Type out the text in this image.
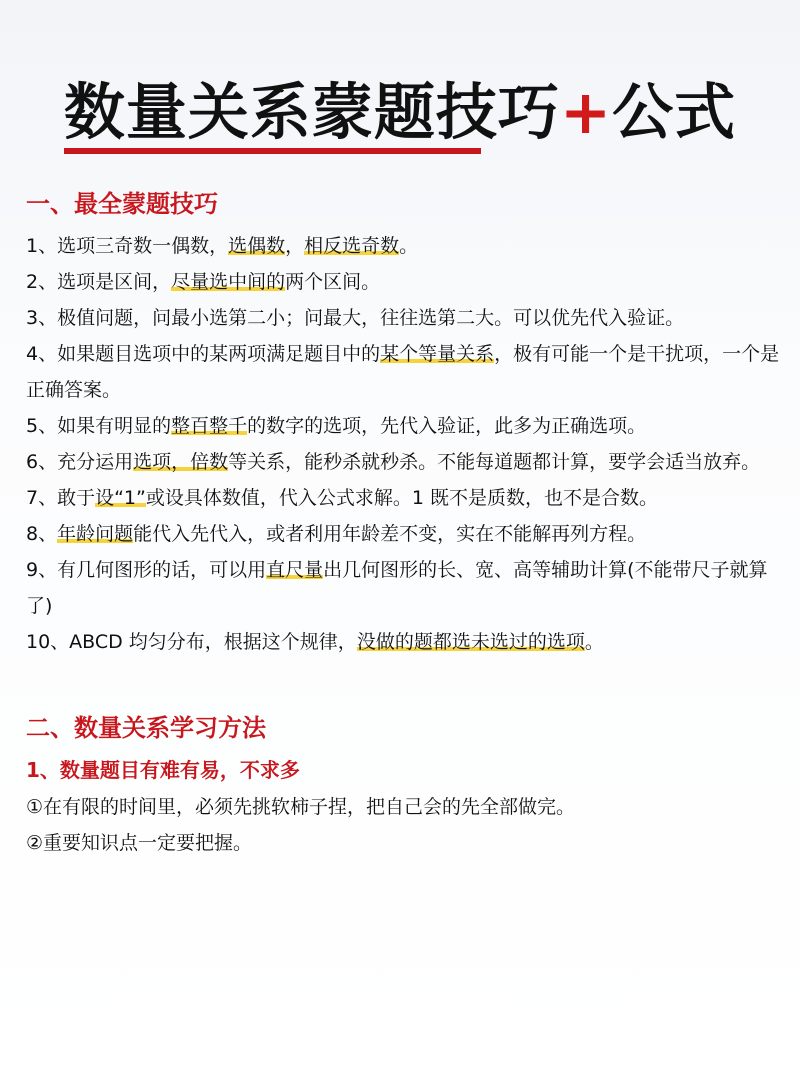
数量关系蒙题技巧+公式
一、最全蒙题技巧
1、选项三奇数一偶数，选偶数，相反选奇数。
2、选项是区间，尽量选中间的两个区间。
3、极值问题，问最小选第二小；问最大，往往选第二大。可以优先代入验证。
4、如果题目选项中的某两项满足题目中的某个等量关系，极有可能一个是干扰项，一个是正确答案。
5、如果有明显的整百整千的数字的选项，先代入验证，此多为正确选项。
6、充分运用选项，倍数等关系，能秒杀就秒杀。不能每道题都计算，要学会适当放弃。
7、敢于设“1”或设具体数值，代入公式求解。1 既不是质数，也不是合数。
8、年龄问题能代入先代入，或者利用年龄差不变，实在不能解再列方程。
9、有几何图形的话，可以用直尺量出几何图形的长、宽、高等辅助计算(不能带尺子就算了)
10、ABCD 均匀分布，根据这个规律，没做的题都选未选过的选项。
二、数量关系学习方法
1、数量题目有难有易，不求多
①在有限的时间里，必须先挑软柿子捏，把自己会的先全部做完。
②重要知识点一定要把握。
